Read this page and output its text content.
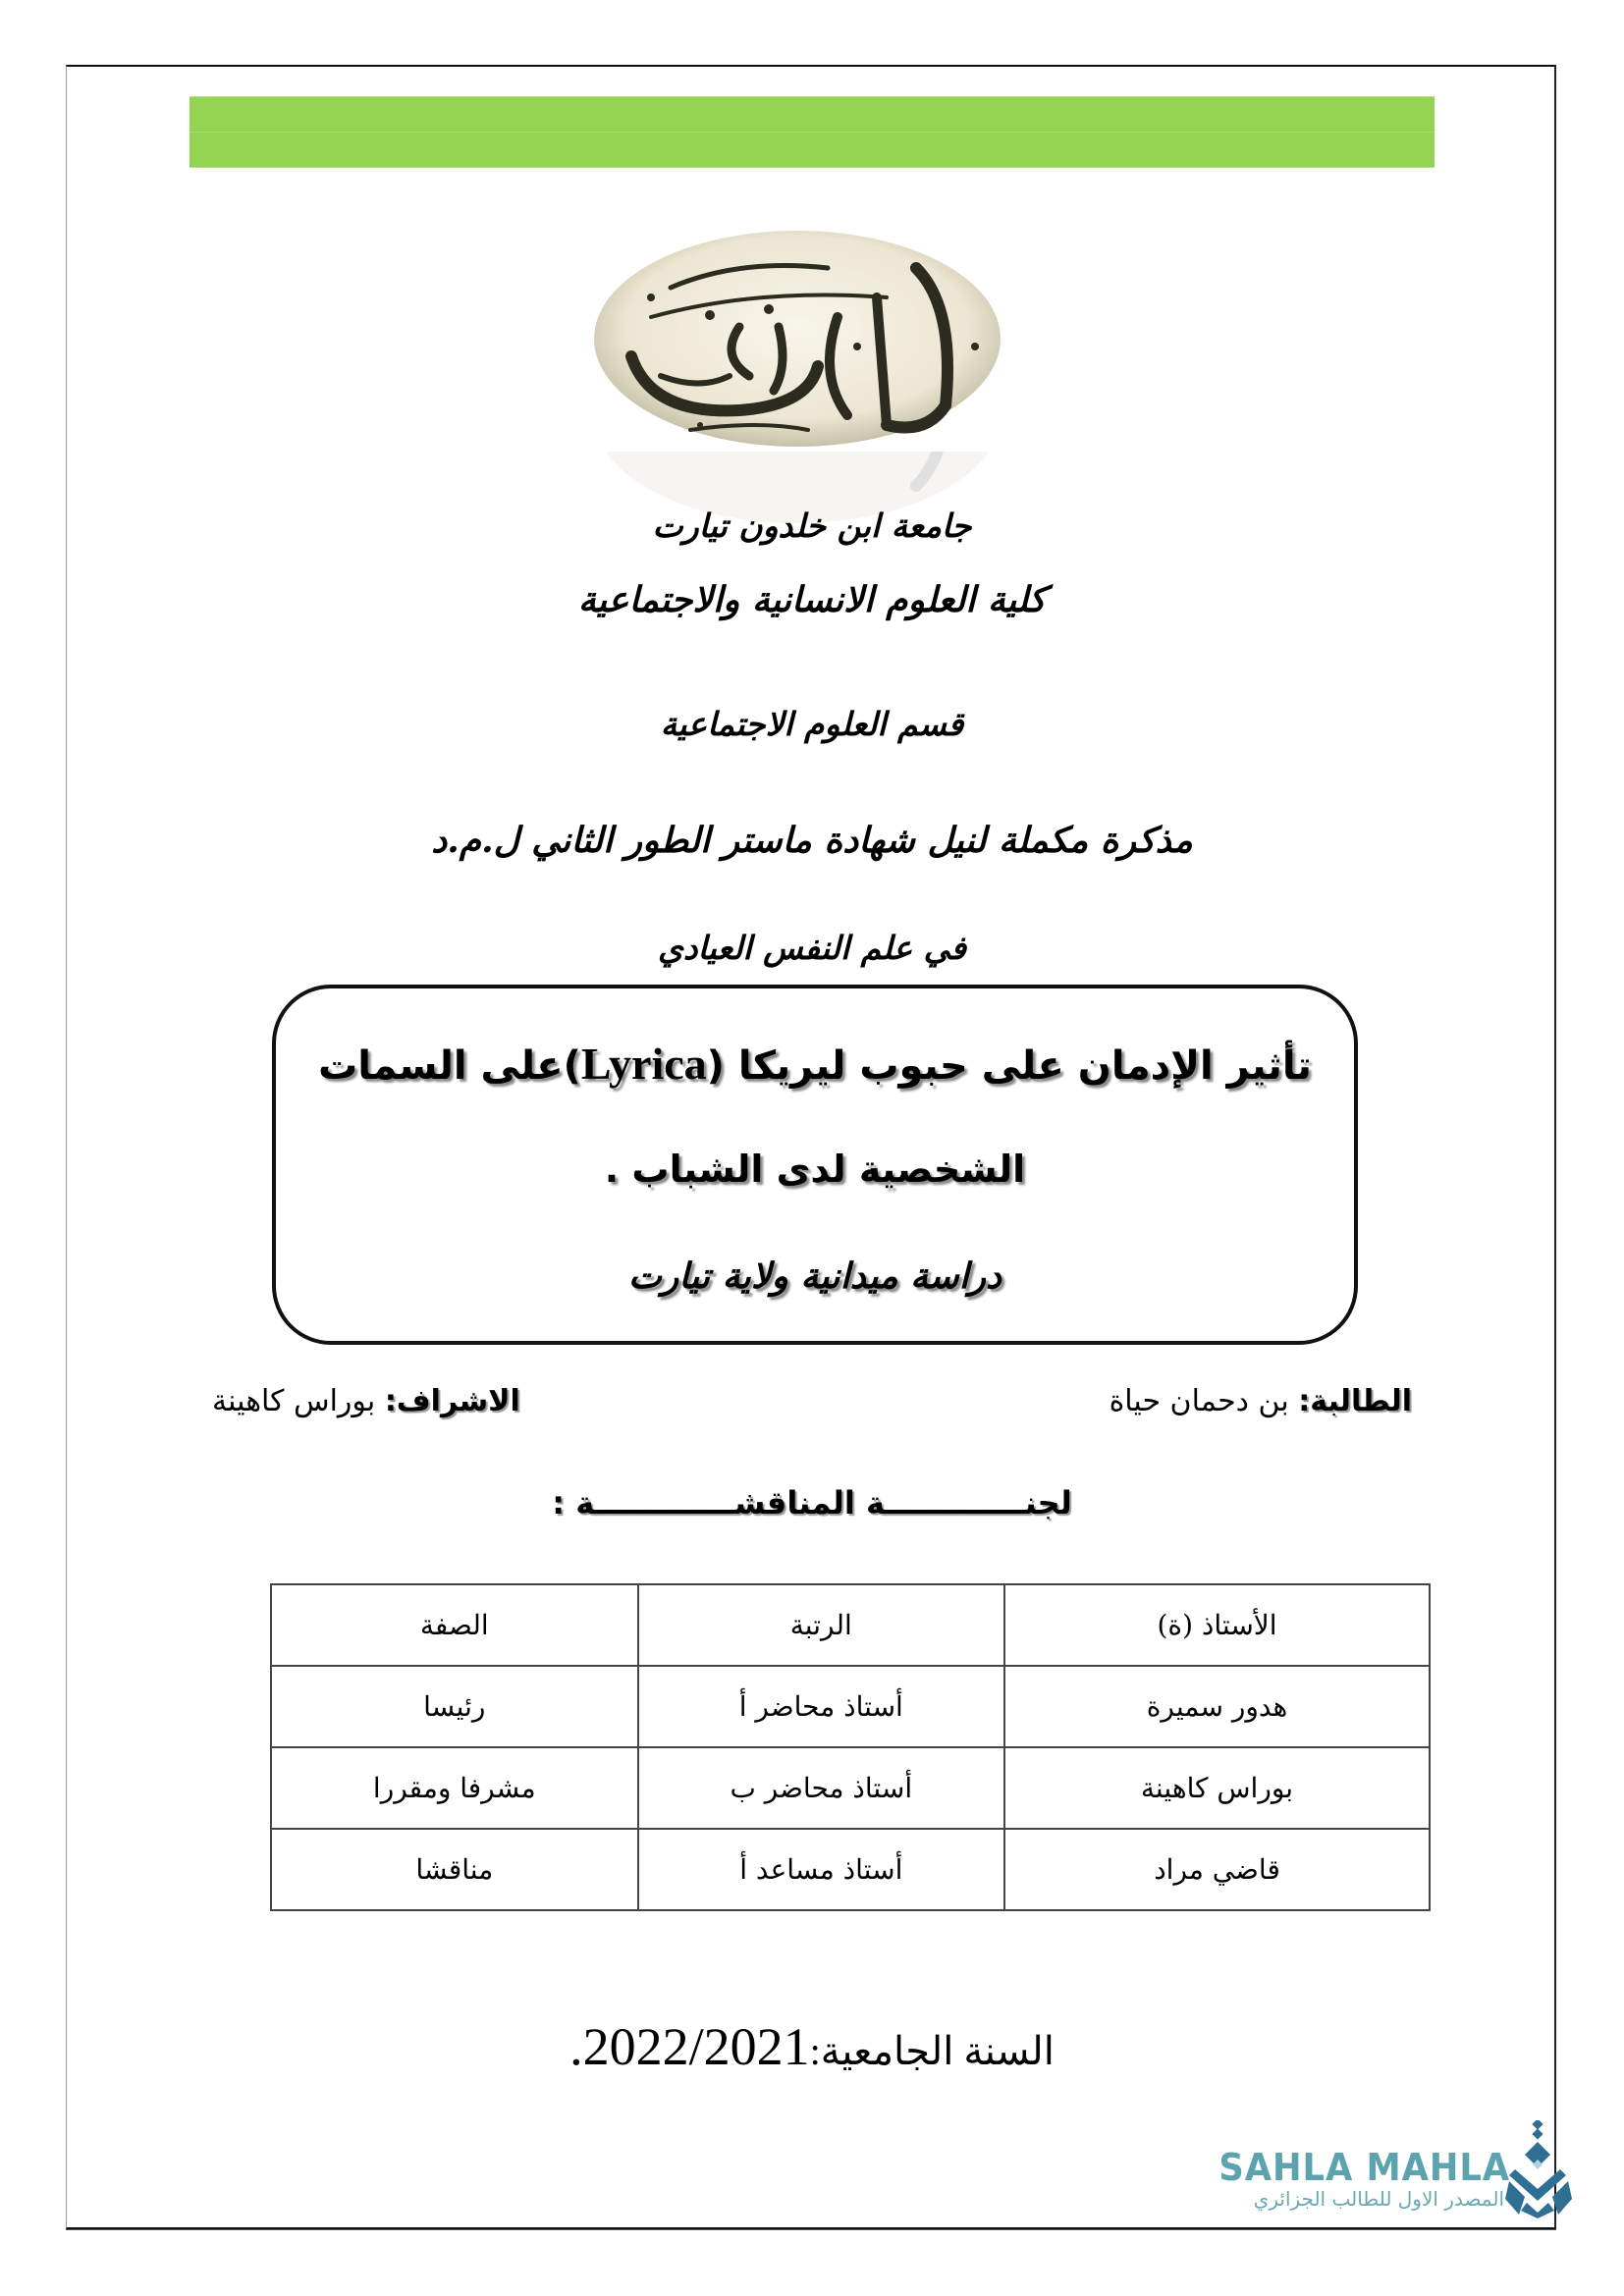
جامعة ابن خلدون تيارت
كلية العلوم الانسانية والاجتماعية
قسم العلوم الاجتماعية
مذكرة مكملة لنيل شهادة ماستر الطور الثاني ل.م.د
في علم النفس العيادي
تأثير الإدمان على حبوب ليريكا (Lyrica)على السمات
الشخصية لدى الشباب .
دراسة ميدانية ولاية تيارت
الطالبة: بن دحمان حياة
الاشراف: بوراس كاهينة
لجنـــــــــــــة المناقشـــــــــــــة :
الأستاذ (ة)	الرتبة	الصفة
هدور سميرة	أستاذ محاضر أ	رئيسا
بوراس كاهينة	أستاذ محاضر ب	مشرفا ومقررا
قاضي مراد	أستاذ مساعد أ	مناقشا
السنة الجامعية:2022/2021.
SAHLA MAHLA
المصدر الاول للطالب الجزائري
